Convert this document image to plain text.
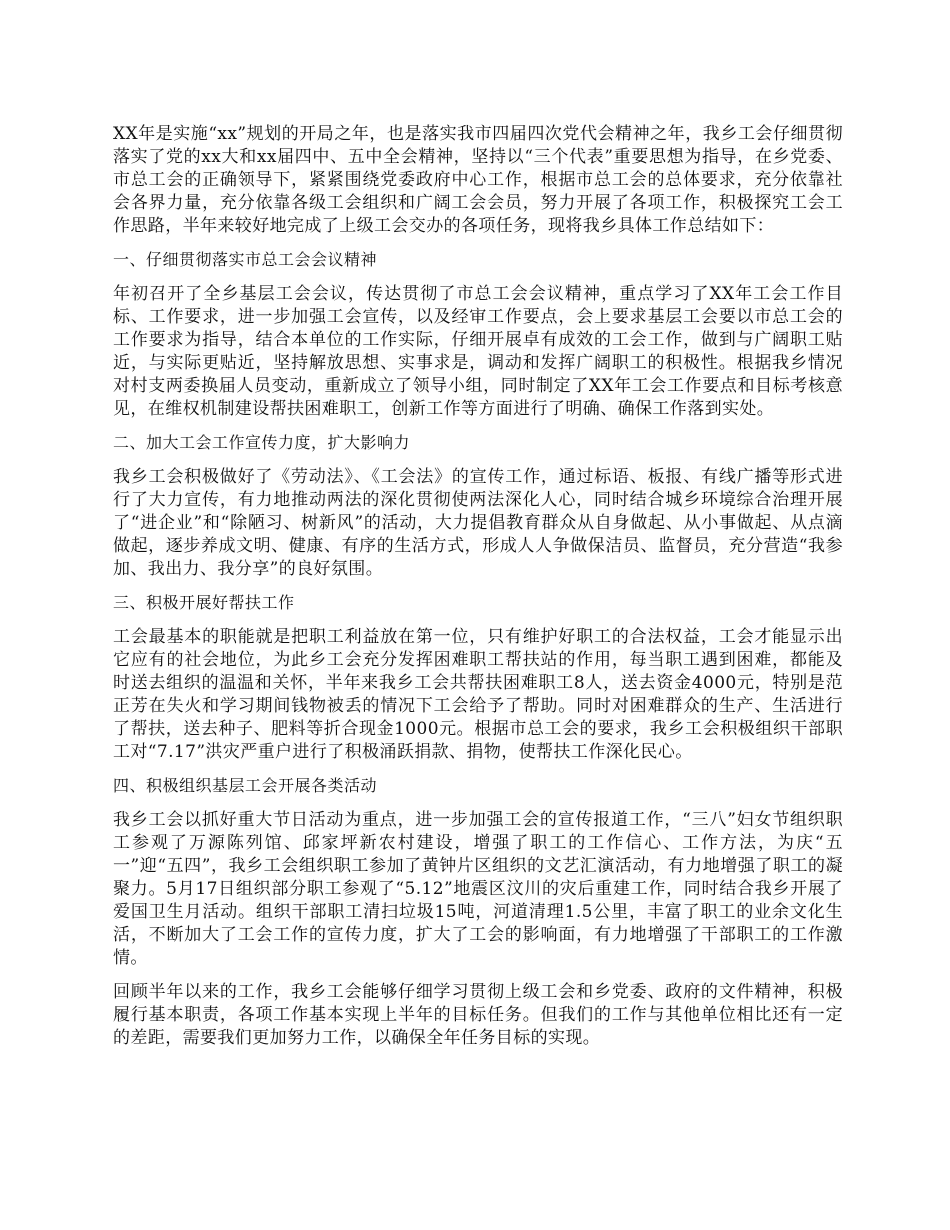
XX年是实施“xx”规划的开局之年，也是落实我市四届四次党代会精神之年，我乡工会仔细贯彻落实了党的xx大和xx届四中、五中全会精神，坚持以“三个代表”重要思想为指导，在乡党委、市总工会的正确领导下，紧紧围绕党委政府中心工作，根据市总工会的总体要求，充分依靠社会各界力量，充分依靠各级工会组织和广阔工会会员，努力开展了各项工作，积极探究工会工作思路，半年来较好地完成了上级工会交办的各项任务，现将我乡具体工作总结如下：

一、仔细贯彻落实市总工会会议精神

年初召开了全乡基层工会会议，传达贯彻了市总工会会议精神，重点学习了XX年工会工作目标、工作要求，进一步加强工会宣传，以及经审工作要点，会上要求基层工会要以市总工会的工作要求为指导，结合本单位的工作实际，仔细开展卓有成效的工会工作，做到与广阔职工贴近，与实际更贴近，坚持解放思想、实事求是，调动和发挥广阔职工的积极性。根据我乡情况对村支两委换届人员变动，重新成立了领导小组，同时制定了XX年工会工作要点和目标考核意见，在维权机制建设帮扶困难职工，创新工作等方面进行了明确、确保工作落到实处。

二、加大工会工作宣传力度，扩大影响力

我乡工会积极做好了《劳动法》、《工会法》的宣传工作，通过标语、板报、有线广播等形式进行了大力宣传，有力地推动两法的深化贯彻使两法深化人心，同时结合城乡环境综合治理开展了“进企业”和“除陋习、树新风”的活动，大力提倡教育群众从自身做起、从小事做起、从点滴做起，逐步养成文明、健康、有序的生活方式，形成人人争做保洁员、监督员，充分营造“我参加、我出力、我分享”的良好氛围。

三、积极开展好帮扶工作

工会最基本的职能就是把职工利益放在第一位，只有维护好职工的合法权益，工会才能显示出它应有的社会地位，为此乡工会充分发挥困难职工帮扶站的作用，每当职工遇到困难，都能及时送去组织的温温和关怀，半年来我乡工会共帮扶困难职工8人，送去资金4000元，特别是范正芳在失火和学习期间钱物被丢的情况下工会给予了帮助。同时对困难群众的生产、生活进行了帮扶，送去种子、肥料等折合现金1000元。根据市总工会的要求，我乡工会积极组织干部职工对“7.17”洪灾严重户进行了积极涌跃捐款、捐物，使帮扶工作深化民心。

四、积极组织基层工会开展各类活动

我乡工会以抓好重大节日活动为重点，进一步加强工会的宣传报道工作，“三八”妇女节组织职工参观了万源陈列馆、邱家坪新农村建设，增强了职工的工作信心、工作方法，为庆“五一”迎“五四”，我乡工会组织职工参加了黄钟片区组织的文艺汇演活动，有力地增强了职工的凝聚力。5月17日组织部分职工参观了“5.12”地震区汶川的灾后重建工作，同时结合我乡开展了爱国卫生月活动。组织干部职工清扫垃圾15吨，河道清理1.5公里，丰富了职工的业余文化生活，不断加大了工会工作的宣传力度，扩大了工会的影响面，有力地增强了干部职工的工作激情。

回顾半年以来的工作，我乡工会能够仔细学习贯彻上级工会和乡党委、政府的文件精神，积极履行基本职责，各项工作基本实现上半年的目标任务。但我们的工作与其他单位相比还有一定的差距，需要我们更加努力工作，以确保全年任务目标的实现。
